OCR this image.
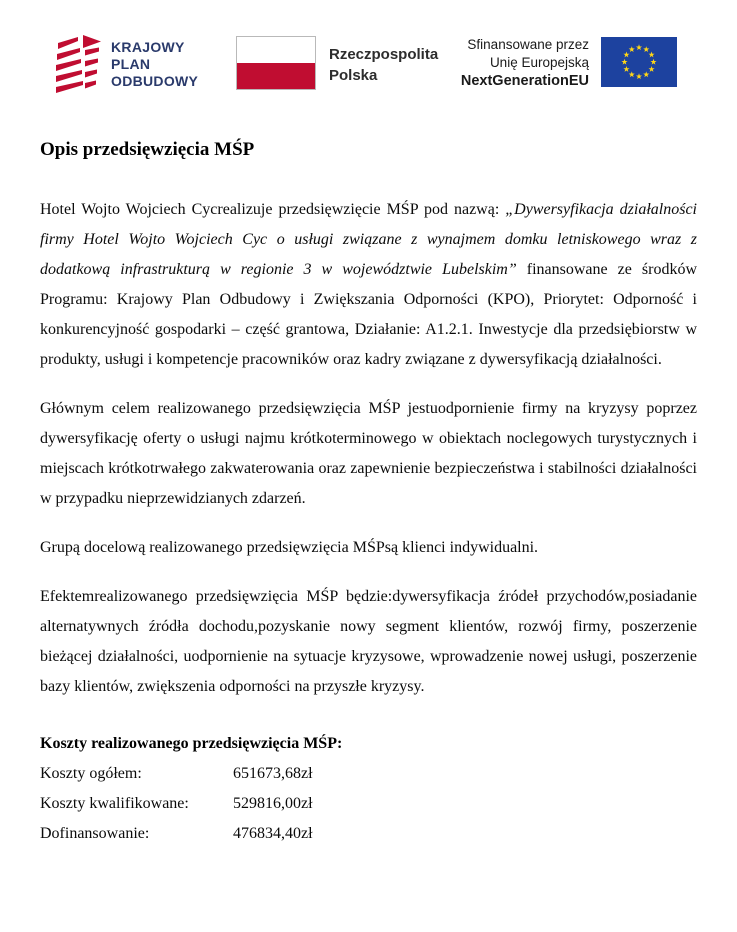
KRAJOWY
PLAN
ODBUDOWY
Rzeczpospolita
Polska
Sfinansowane przez
Unię Europejską
NextGenerationEU
Opis przedsięwzięcia MŚP

Hotel Wojto Wojciech Cycrealizuje przedsięwzięcie MŚP pod nazwą: „Dywersyfikacja działalności firmy Hotel Wojto Wojciech Cyc o usługi związane z wynajmem domku letniskowego wraz z dodatkową infrastrukturą w regionie 3 w województwie Lubelskim” finansowane ze środków Programu: Krajowy Plan Odbudowy i Zwiększania Odporności (KPO), Priorytet: Odporność i konkurencyjność gospodarki – część grantowa, Działanie: A1.2.1. Inwestycje dla przedsiębiorstw w produkty, usługi i kompetencje pracowników oraz kadry związane z dywersyfikacją działalności.

Głównym celem realizowanego przedsięwzięcia MŚP jestuodpornienie firmy na kryzysy poprzez dywersyfikację oferty o usługi najmu krótkoterminowego w obiektach noclegowych turystycznych i miejscach krótkotrwałego zakwaterowania oraz zapewnienie bezpieczeństwa i stabilności działalności w przypadku nieprzewidzianych zdarzeń.

Grupą docelową realizowanego przedsięwzięcia MŚPsą klienci indywidualni.

Efektemrealizowanego przedsięwzięcia MŚP będzie:dywersyfikacja źródeł przychodów,posiadanie alternatywnych źródła dochodu,pozyskanie nowy segment klientów, rozwój firmy, poszerzenie bieżącej działalności, uodpornienie na sytuacje kryzysowe, wprowadzenie nowej usługi, poszerzenie bazy klientów, zwiększenia odporności na przyszłe kryzysy.

Koszty realizowanego przedsięwzięcia MŚP:
Koszty ogółem:	651673,68zł
Koszty kwalifikowane:	529816,00zł
Dofinansowanie:	476834,40zł
